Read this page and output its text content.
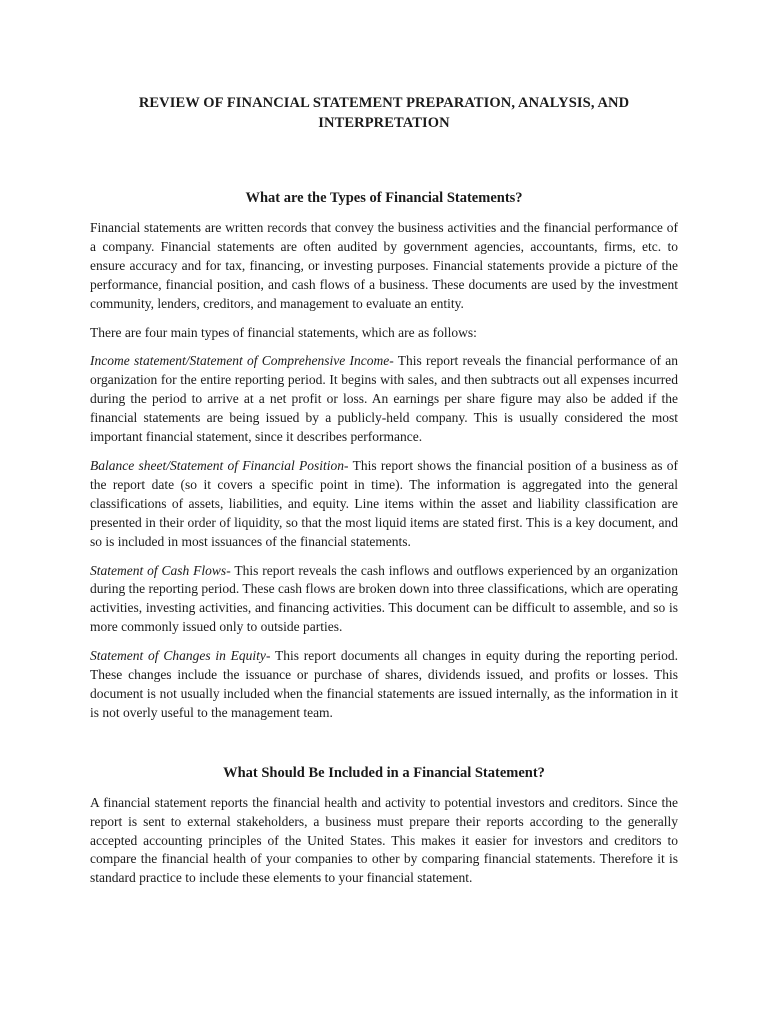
REVIEW OF FINANCIAL STATEMENT PREPARATION, ANALYSIS, AND INTERPRETATION
What are the Types of Financial Statements?

Financial statements are written records that convey the business activities and the financial performance of a company. Financial statements are often audited by government agencies, accountants, firms, etc. to ensure accuracy and for tax, financing, or investing purposes. Financial statements provide a picture of the performance, financial position, and cash flows of a business. These documents are used by the investment community, lenders, creditors, and management to evaluate an entity.

There are four main types of financial statements, which are as follows:

Income statement/Statement of Comprehensive Income- This report reveals the financial performance of an organization for the entire reporting period. It begins with sales, and then subtracts out all expenses incurred during the period to arrive at a net profit or loss. An earnings per share figure may also be added if the financial statements are being issued by a publicly-held company. This is usually considered the most important financial statement, since it describes performance.

Balance sheet/Statement of Financial Position- This report shows the financial position of a business as of the report date (so it covers a specific point in time). The information is aggregated into the general classifications of assets, liabilities, and equity. Line items within the asset and liability classification are presented in their order of liquidity, so that the most liquid items are stated first. This is a key document, and so is included in most issuances of the financial statements.

Statement of Cash Flows- This report reveals the cash inflows and outflows experienced by an organization during the reporting period. These cash flows are broken down into three classifications, which are operating activities, investing activities, and financing activities. This document can be difficult to assemble, and so is more commonly issued only to outside parties.

Statement of Changes in Equity- This report documents all changes in equity during the reporting period. These changes include the issuance or purchase of shares, dividends issued, and profits or losses. This document is not usually included when the financial statements are issued internally, as the information in it is not overly useful to the management team.

What Should Be Included in a Financial Statement?

A financial statement reports the financial health and activity to potential investors and creditors. Since the report is sent to external stakeholders, a business must prepare their reports according to the generally accepted accounting principles of the United States. This makes it easier for investors and creditors to compare the financial health of your companies to other by comparing financial statements. Therefore it is standard practice to include these elements to your financial statement.
